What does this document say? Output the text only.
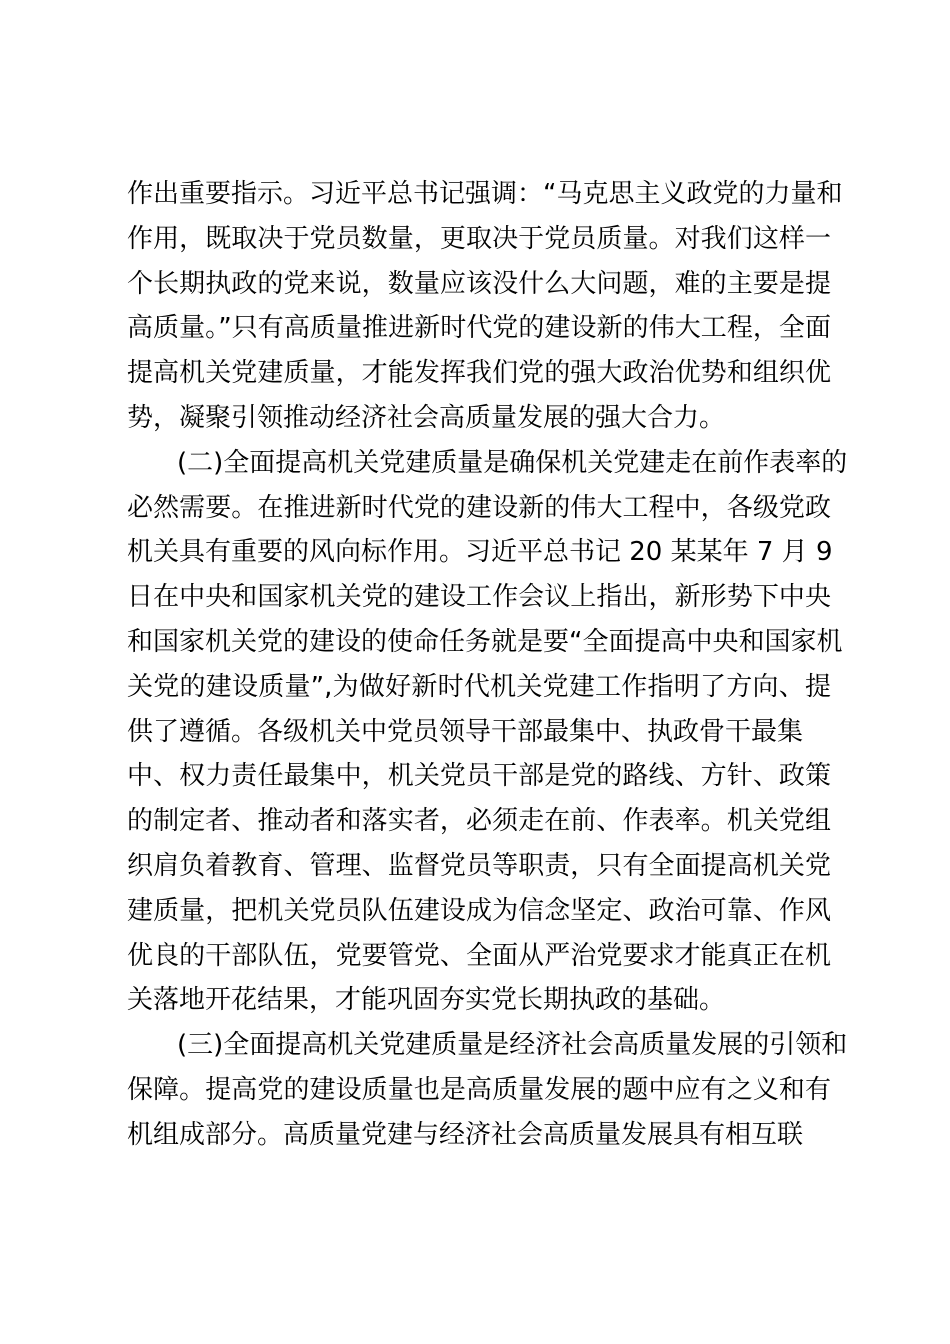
作出重要指示。习近平总书记强调：“马克思主义政党的力量和
作用，既取决于党员数量，更取决于党员质量。对我们这样一
个长期执政的党来说，数量应该没什么大问题，难的主要是提
高质量。”只有高质量推进新时代党的建设新的伟大工程，全面
提高机关党建质量，才能发挥我们党的强大政治优势和组织优
势，凝聚引领推动经济社会高质量发展的强大合力。
(二)全面提高机关党建质量是确保机关党建走在前作表率的
必然需要。在推进新时代党的建设新的伟大工程中，各级党政
机关具有重要的风向标作用。习近平总书记 20 某某年 7 月 9
日在中央和国家机关党的建设工作会议上指出，新形势下中央
和国家机关党的建设的使命任务就是要“全面提高中央和国家机
关党的建设质量”,为做好新时代机关党建工作指明了方向、提
供了遵循。各级机关中党员领导干部最集中、执政骨干最集
中、权力责任最集中，机关党员干部是党的路线、方针、政策
的制定者、推动者和落实者，必须走在前、作表率。机关党组
织肩负着教育、管理、监督党员等职责，只有全面提高机关党
建质量，把机关党员队伍建设成为信念坚定、政治可靠、作风
优良的干部队伍，党要管党、全面从严治党要求才能真正在机
关落地开花结果，才能巩固夯实党长期执政的基础。
(三)全面提高机关党建质量是经济社会高质量发展的引领和
保障。提高党的建设质量也是高质量发展的题中应有之义和有
机组成部分。高质量党建与经济社会高质量发展具有相互联
